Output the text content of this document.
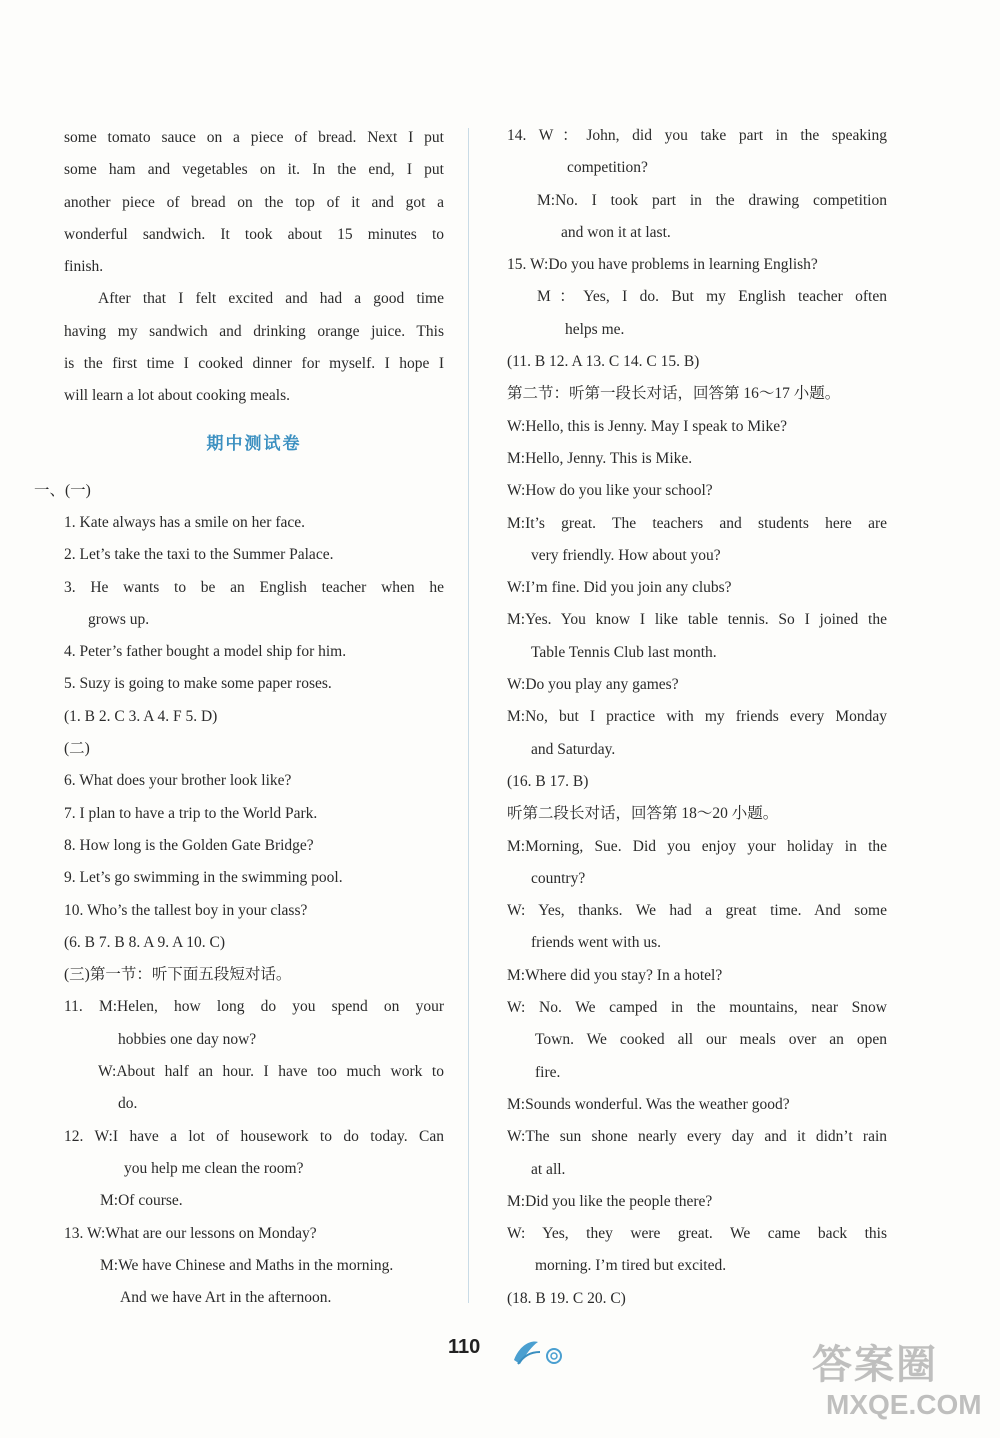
some tomato sauce on a piece of bread. Next I put
some ham and vegetables on it. In the end, I put
another piece of bread on the top of it and got a
wonderful sandwich. It took about 15 minutes to
finish.
After that I felt excited and had a good time
having my sandwich and drinking orange juice. This
is the first time I cooked dinner for myself. I hope I
will learn a lot about cooking meals.
期中测试卷
一、(一)
1. Kate always has a smile on her face.
2. Let’s take the taxi to the Summer Palace.
3. He wants to be an English teacher when he
grows up.
4. Peter’s father bought a model ship for him.
5. Suzy is going to make some paper roses.
(1. B 2. C 3. A 4. F 5. D)
(二)
6. What does your brother look like?
7. I plan to have a trip to the World Park.
8. How long is the Golden Gate Bridge?
9. Let’s go swimming in the swimming pool.
10. Who’s the tallest boy in your class?
(6. B 7. B 8. A 9. A 10. C)
(三)第一节：听下面五段短对话。
11. M:Helen, how long do you spend on your
hobbies one day now?
W:About half an hour. I have too much work to
do.
12. W:I have a lot of housework to do today. Can
you help me clean the room?
M:Of course.
13. W:What are our lessons on Monday?
M:We have Chinese and Maths in the morning.
And we have Art in the afternoon.
14. W：John, did you take part in the speaking
competition?
M:No. I took part in the drawing competition
and won it at last.
15. W:Do you have problems in learning English?
M：Yes, I do. But my English teacher often
helps me.
(11. B 12. A 13. C 14. C 15. B)
第二节：听第一段长对话，回答第 16～17 小题。
W:Hello, this is Jenny. May I speak to Mike?
M:Hello, Jenny. This is Mike.
W:How do you like your school?
M:It’s great. The teachers and students here are
very friendly. How about you?
W:I’m fine. Did you join any clubs?
M:Yes. You know I like table tennis. So I joined the
Table Tennis Club last month.
W:Do you play any games?
M:No, but I practice with my friends every Monday
and Saturday.
(16. B 17. B)
听第二段长对话，回答第 18～20 小题。
M:Morning, Sue. Did you enjoy your holiday in the
country?
W: Yes, thanks. We had a great time. And some
friends went with us.
M:Where did you stay? In a hotel?
W: No. We camped in the mountains, near Snow
Town. We cooked all our meals over an open
fire.
M:Sounds wonderful. Was the weather good?
W:The sun shone nearly every day and it didn’t rain
at all.
M:Did you like the people there?
W: Yes, they were great. We came back this
morning. I’m tired but excited.
(18. B 19. C 20. C)
110	答案圈
MXQE.COM
